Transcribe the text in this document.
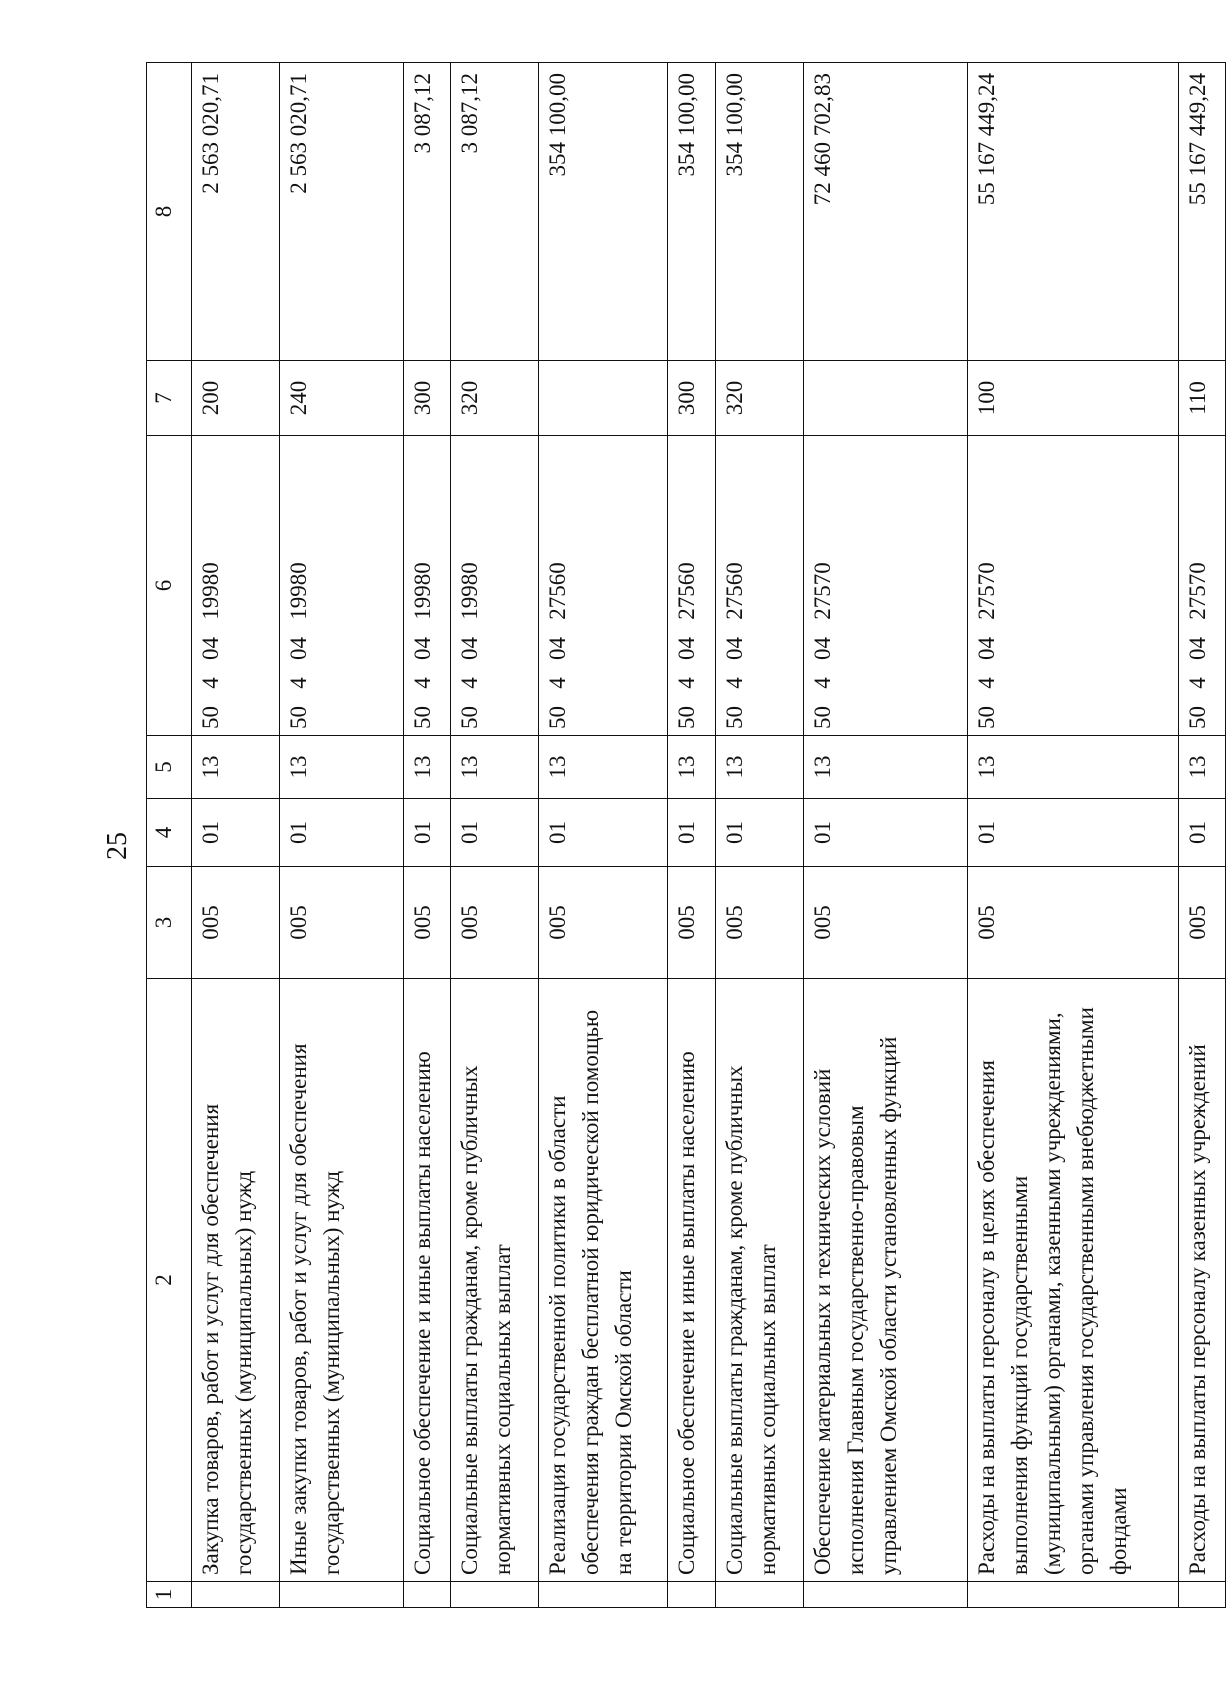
25
1	2	3	4	5	6	7	8
	Закупка товаров, работ и услуг для обеспечения государственных (муниципальных) нужд	005	01	13	50   4   04   19980	200	2 563 020,71
	Иные закупки товаров, работ и услуг для обеспечения государственных (муниципальных) нужд	005	01	13	50   4   04   19980	240	2 563 020,71
	Социальное обеспечение и иные выплаты населению	005	01	13	50   4   04   19980	300	3 087,12
	Социальные выплаты гражданам, кроме публичных нормативных социальных выплат	005	01	13	50   4   04   19980	320	3 087,12
	Реализация государственной политики в области обеспечения граждан бесплатной юридической помощью на территории Омской области	005	01	13	50   4   04   27560		354 100,00
	Социальное обеспечение и иные выплаты населению	005	01	13	50   4   04   27560	300	354 100,00
	Социальные выплаты гражданам, кроме публичных нормативных социальных выплат	005	01	13	50   4   04   27560	320	354 100,00
	Обеспечение материальных и технических условий исполнения Главным государственно-правовым управлением Омской области установленных функций	005	01	13	50   4   04   27570		72 460 702,83
	Расходы на выплаты персоналу в целях обеспечения выполнения функций государственными (муниципальными) органами, казенными учреждениями, органами управления государственными внебюджетными фондами	005	01	13	50   4   04   27570	100	55 167 449,24
	Расходы на выплаты персоналу казенных учреждений	005	01	13	50   4   04   27570	110	55 167 449,24
